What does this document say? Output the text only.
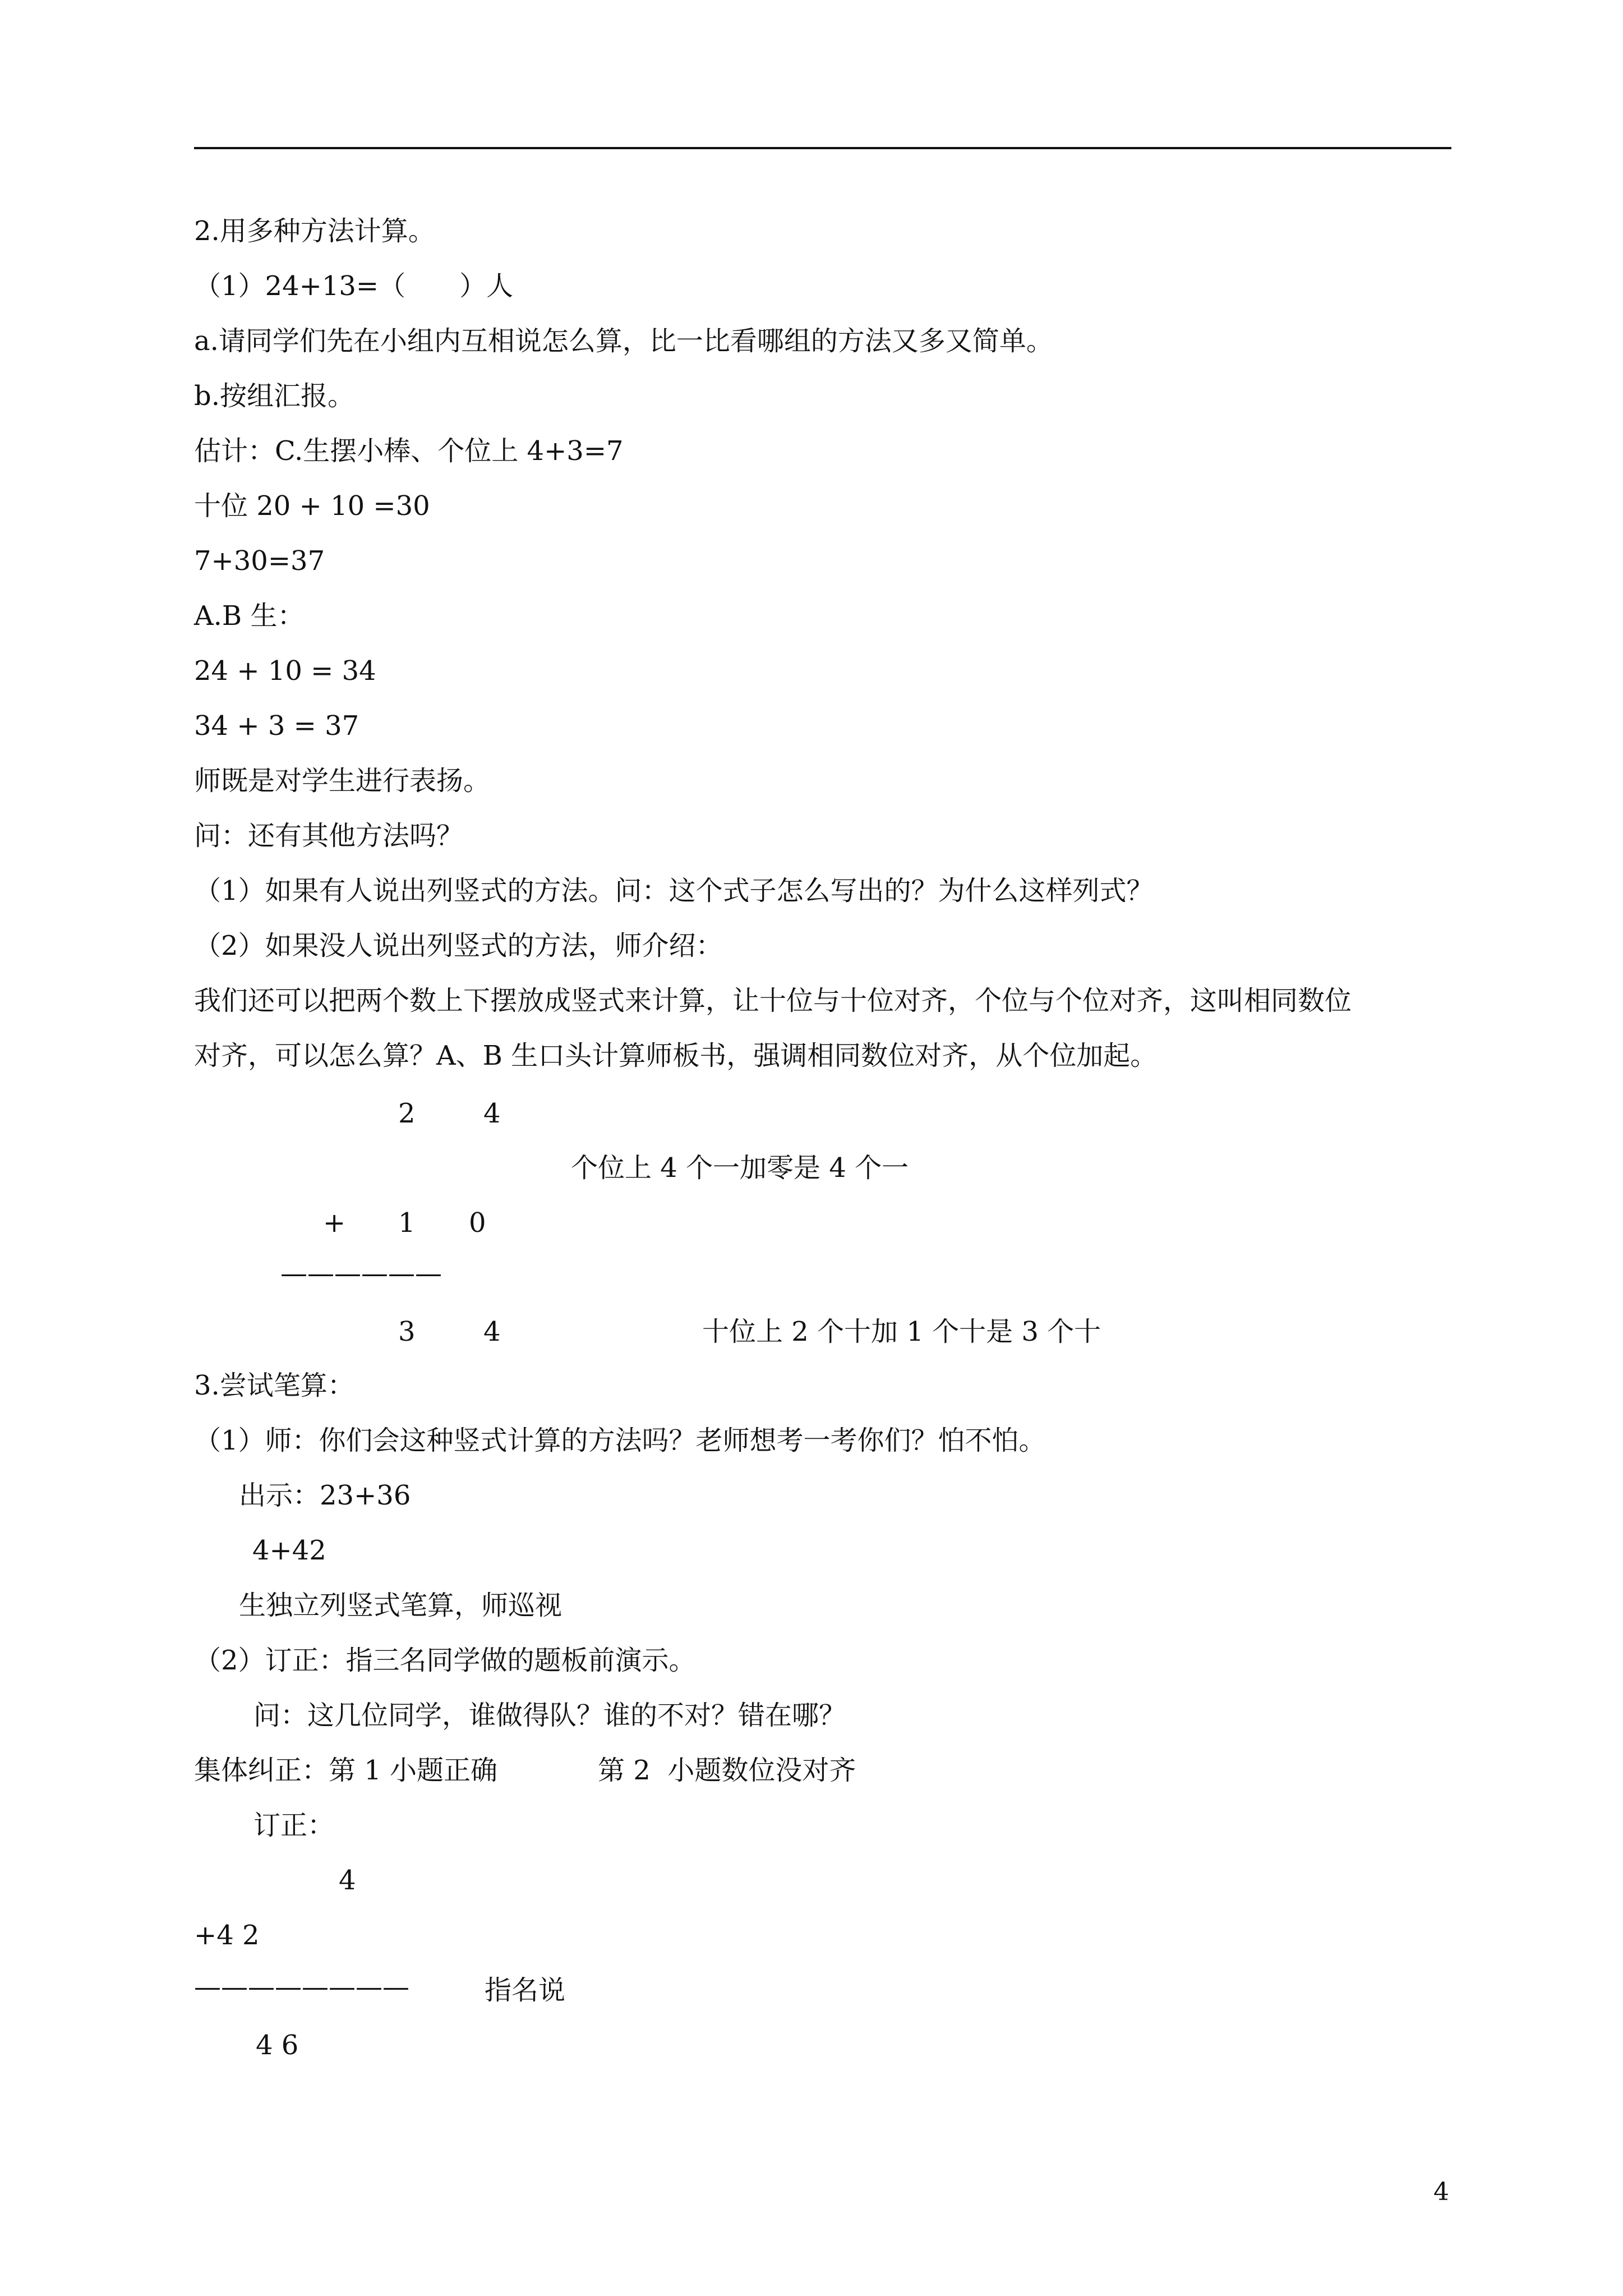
2.用多种方法计算。
（1）24+13=（　　）人
a.请同学们先在小组内互相说怎么算，比一比看哪组的方法又多又简单。
b.按组汇报。
估计：C.生摆小棒、个位上 4+3=7
十位 20 + 10 =30
7+30=37
A.B 生：
24 + 10 = 34
34 + 3 = 37
师既是对学生进行表扬。
问：还有其他方法吗？
（1）如果有人说出列竖式的方法。问：这个式子怎么写出的？为什么这样列式？
（2）如果没人说出列竖式的方法，师介绍：
我们还可以把两个数上下摆放成竖式来计算，让十位与十位对齐，个位与个位对齐，这叫相同数位
对齐，可以怎么算？A、B 生口头计算师板书，强调相同数位对齐，从个位加起。
2	4
个位上 4 个一加零是 4 个一
+ 1 0
——————
3	4	十位上 2 个十加 1 个十是 3 个十
3.尝试笔算：
（1）师：你们会这种竖式计算的方法吗？老师想考一考你们？怕不怕。
出示：23+36
4+42
生独立列竖式笔算，师巡视
（2）订正：指三名同学做的题板前演示。
问：这几位同学，谁做得队？谁的不对？错在哪？
集体纠正：第 1 小题正确	第 2  小题数位没对齐
订正：
4
+4 2
————————	指名说
4 6
4
